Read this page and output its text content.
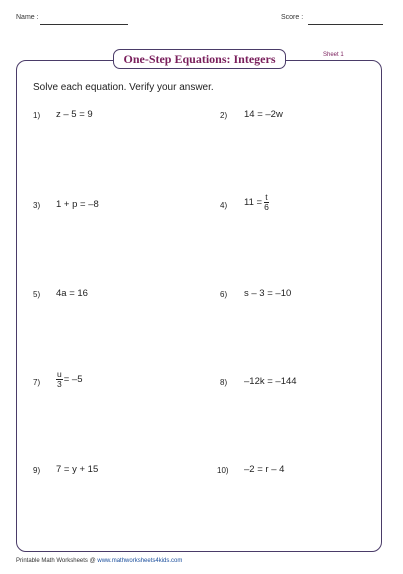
Name :	Score :
One-Step Equations: Integers	Sheet 1
Solve each equation. Verify your answer.
1) z – 5 = 9	2) 14 = –2w
3) 1 + p = –8	4) $11 = \frac{t}{6}$
5) 4a = 16	6) s – 3 = –10
$7) \frac{u}{3} = -5$	8) –12k = –144
9) 7 = y + 15	10) –2 = r – 4
Printable Math Worksheets @ www.mathworksheets4kids.com
